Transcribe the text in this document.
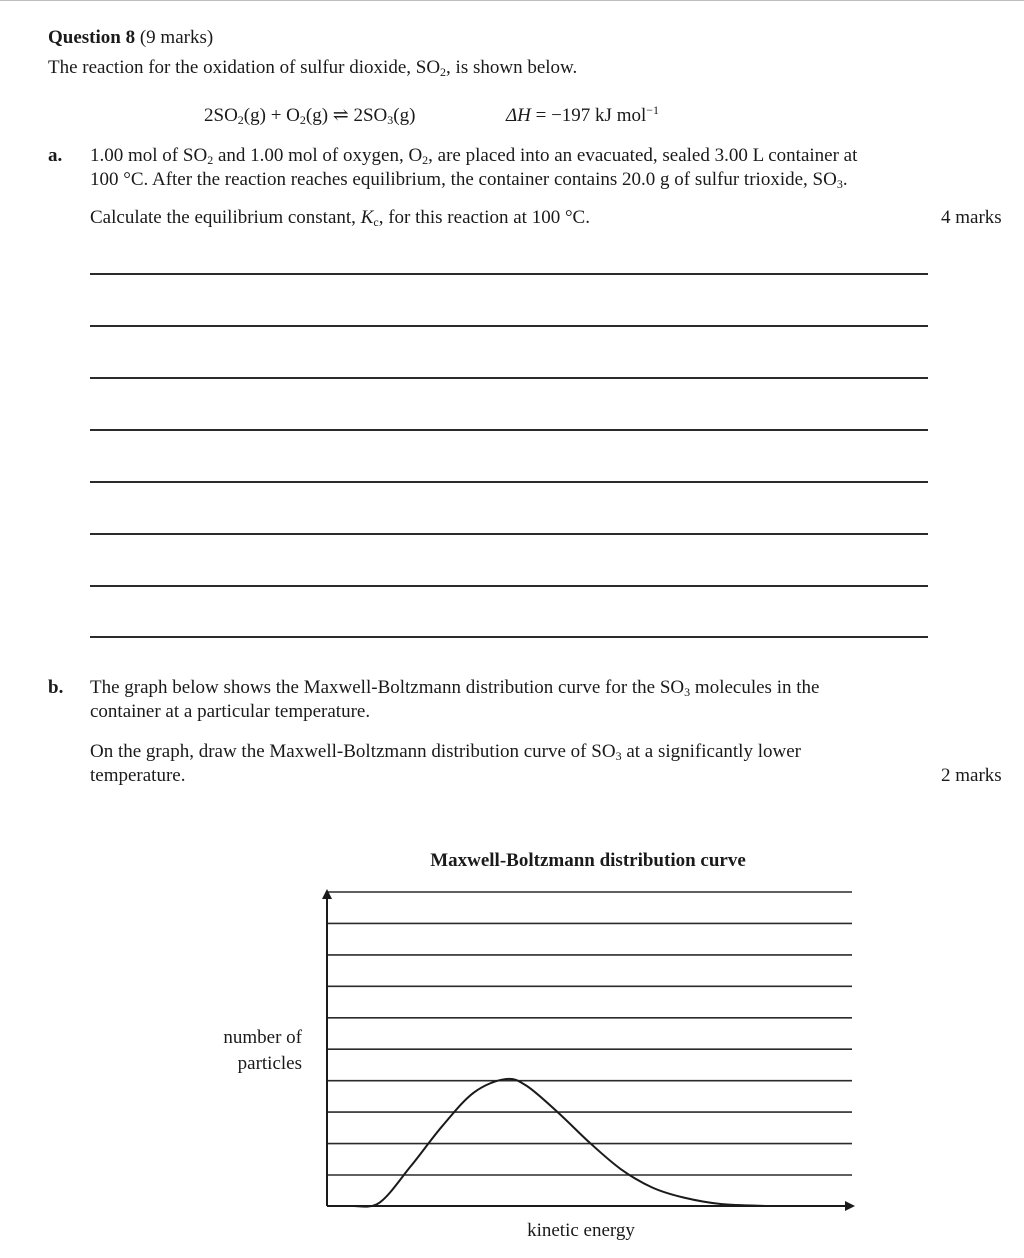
Question 8 (9 marks)
The reaction for the oxidation of sulfur dioxide, $SO_2$, is shown below.
$2SO_2(g) + O_2(g)$ ⇌ $2SO_3(g)$	ΔH = −197 kJ mol$^{-1}$
a. 1.00 mol of $SO_2$ and 1.00 mol of oxygen, $O_2$, are placed into an evacuated, sealed 3.00 L container at
100 °C. After the reaction reaches equilibrium, the container contains 20.0 g of sulfur trioxide, $SO_3$.
Calculate the equilibrium constant, $K_c$, for this reaction at 100 °C.	4 marks
b. The graph below shows the Maxwell-Boltzmann distribution curve for the $SO_3$ molecules in the
container at a particular temperature.
On the graph, draw the Maxwell-Boltzmann distribution curve of $SO_3$ at a significantly lower
temperature.	2 marks
Maxwell-Boltzmann distribution curve
number of
particles
kinetic energy
